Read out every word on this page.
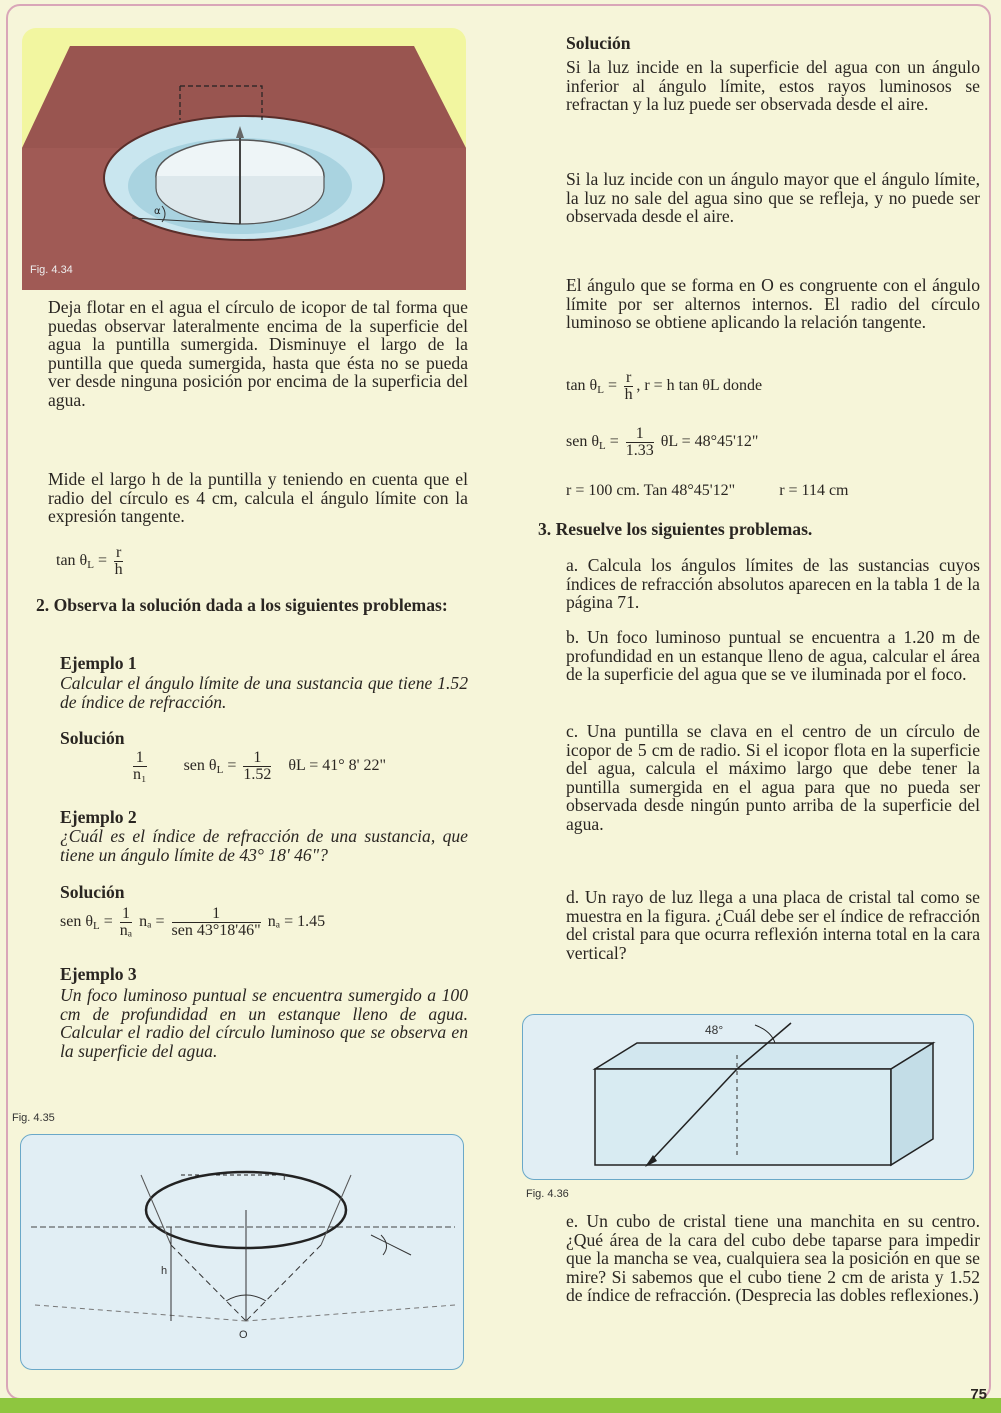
α
Fig. 4.34

Deja flotar en el agua el círculo de icopor de tal forma que puedas observar lateralmente encima de la superficie del agua la puntilla sumergida. Disminuye el largo de la puntilla que queda sumergida, hasta que ésta no se pueda ver desde ninguna posición por encima de la superficia del agua.

Mide el largo h de la puntilla y teniendo en cuenta que el radio del círculo es 4 cm, calcula el ángulo límite con la expresión tangente.

$\tan \theta_L = \frac{r}{h}$
2. Observa la solución dada a los siguientes problemas:
Ejemplo 1
Calcular el ángulo límite de una sustancia que tiene 1.52 de índice de refracción.
Solución
$\frac{1}{\text{n₁}}$ sen $\theta_L = \frac{1}{1.52}$ θL = 41° 8' 22"
Ejemplo 2
¿Cuál es el índice de refracción de una sustancia, que tiene un ángulo límite de 43° 18' 46"?
Solución
sen $\theta_L = \frac{1}{\text{nₐ}}$ $n_a = \frac{1}{\text{sen 43°18'46"}}$ nₐ = 1.45
Ejemplo 3
Un foco luminoso puntual se encuentra sumergido a 100 cm de profundidad en un estanque lleno de agua. Calcular el radio del círculo luminoso que se observa en la superficie del agua.
Fig. 4.35
r
h
O
Solución
Si la luz incide en la superficie del agua con un ángulo inferior al ángulo límite, estos rayos luminosos se refractan y la luz puede ser observada desde el aire.
Si la luz incide con un ángulo mayor que el ángulo límite, la luz no sale del agua sino que se refleja, y no puede ser observada desde el aire.
El ángulo que se forma en O es congruente con el ángulo límite por ser alternos internos. El radio del círculo luminoso se obtiene aplicando la relación tangente.
$\tan \theta_L = \frac{r}{h}$ , r = h tan θL donde
sen $\theta_L = \frac{1}{1.33}$ θL = 48°45'12"
r = 100 cm. Tan 48°45'12"	r = 114 cm
3. Resuelve los siguientes problemas.
a. Calcula los ángulos límites de las sustancias cuyos índices de refracción absolutos aparecen en la tabla 1 de la página 71.
b. Un foco luminoso puntual se encuentra a 1.20 m de profundidad en un estanque lleno de agua, calcular el área de la superficie del agua que se ve iluminada por el foco.
c. Una puntilla se clava en el centro de un círculo de icopor de 5 cm de radio. Si el icopor flota en la superficie del agua, calcula el máximo largo que debe tener la puntilla sumergida en el agua para que no pueda ser observada desde ningún punto arriba de la superficie del agua.
d. Un rayo de luz llega a una placa de cristal tal como se muestra en la figura. ¿Cuál debe ser el índice de refracción del cristal para que ocurra reflexión interna total en la cara vertical?
48°
Fig. 4.36
e. Un cubo de cristal tiene una manchita en su centro. ¿Qué área de la cara del cubo debe taparse para impedir que la mancha se vea, cualquiera sea la posición en que se mire? Si sabemos que el cubo tiene 2 cm de arista y 1.52 de índice de refracción. (Desprecia las dobles reflexiones.)
75
